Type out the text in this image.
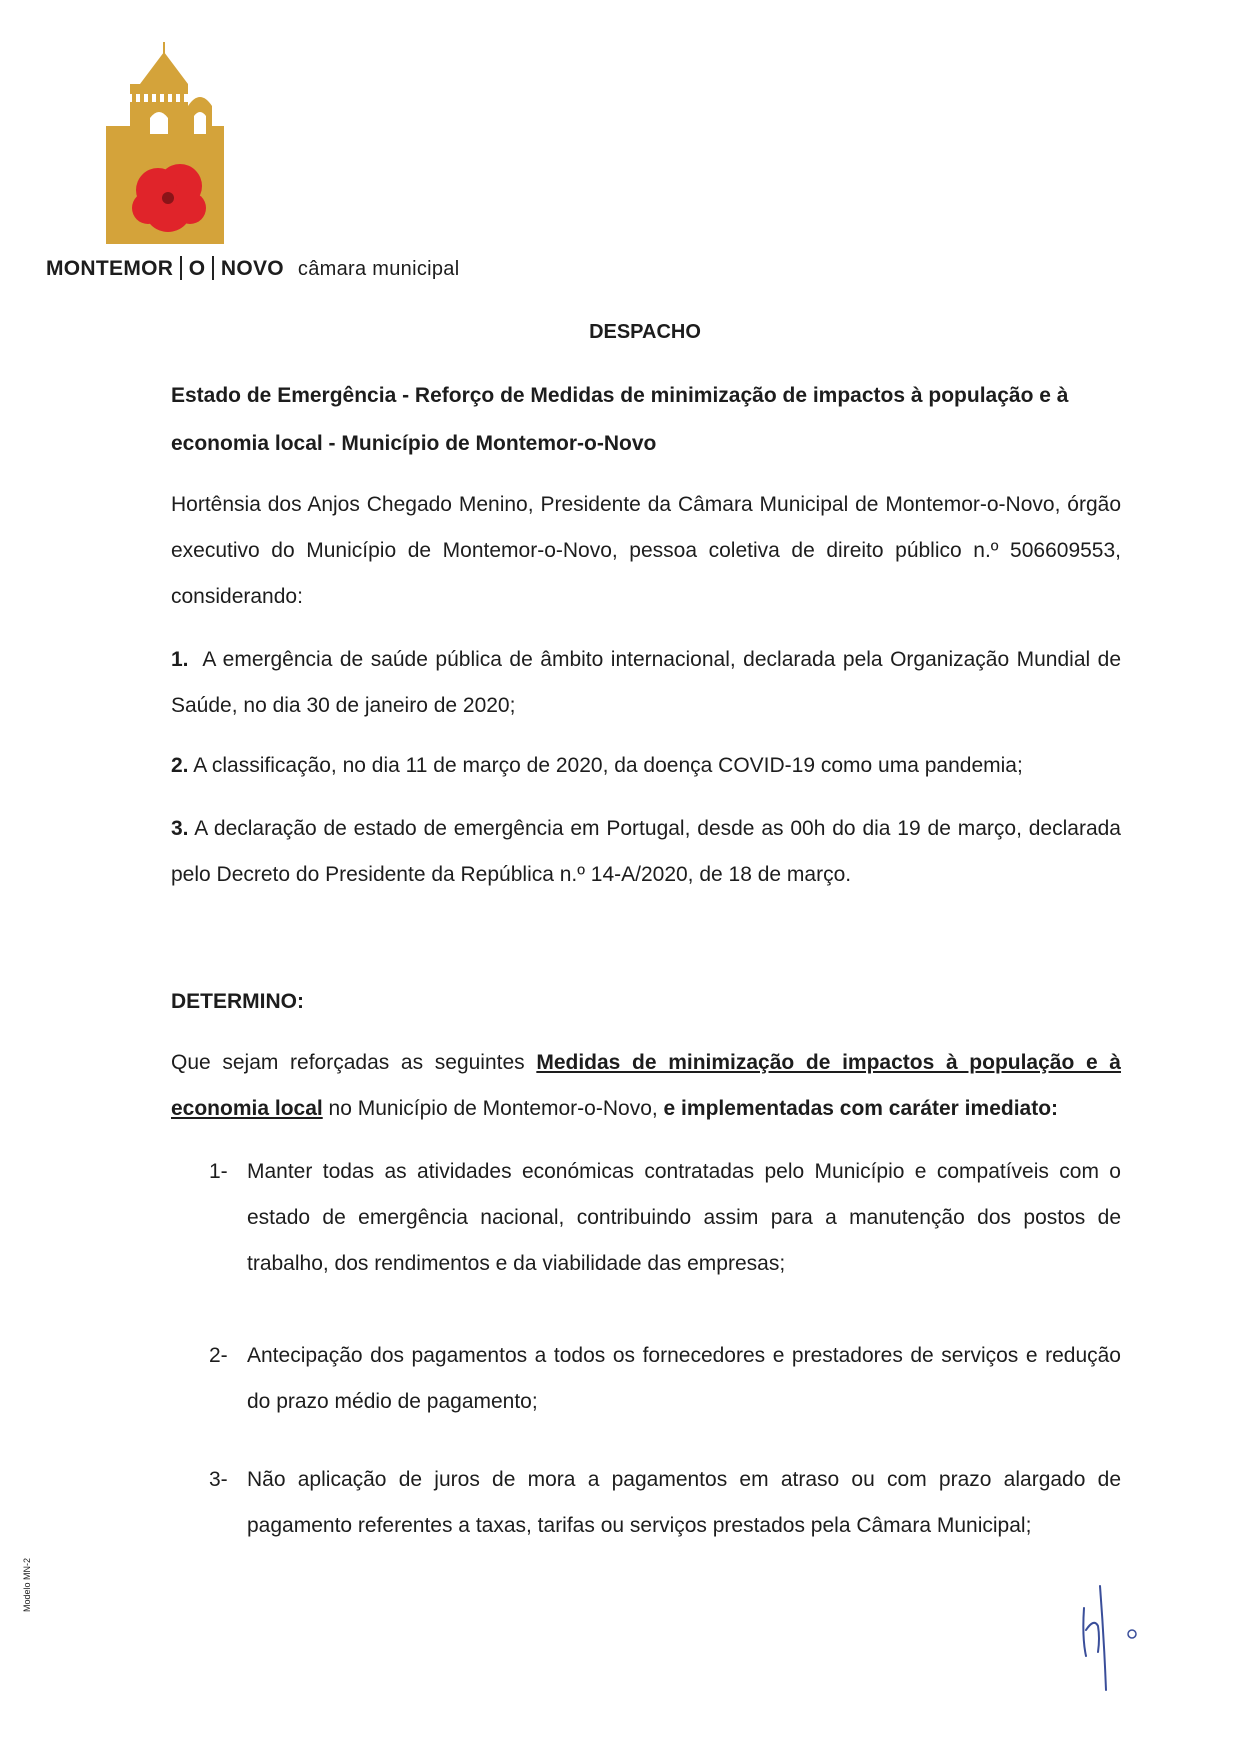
MONTEMOR O NOVO câmara municipal
DESPACHO

Estado de Emergência - Reforço de Medidas de minimização de impactos à população e à

economia local - Município de Montemor-o-Novo

Hortênsia dos Anjos Chegado Menino, Presidente da Câmara Municipal de Montemor-o-Novo, órgão executivo do Município de Montemor-o-Novo, pessoa coletiva de direito público n.º 506609553, considerando:
1. A emergência de saúde pública de âmbito internacional, declarada pela Organização Mundial de Saúde, no dia 30 de janeiro de 2020;
2. A classificação, no dia 11 de março de 2020, da doença COVID-19 como uma pandemia;
3. A declaração de estado de emergência em Portugal, desde as 00h do dia 19 de março, declarada pelo Decreto do Presidente da República n.º 14-A/2020, de 18 de março.
DETERMINO:
Que sejam reforçadas as seguintes Medidas de minimização de impactos à população e à economia local no Município de Montemor-o-Novo, e implementadas com caráter imediato:
1- Manter todas as atividades económicas contratadas pelo Município e compatíveis com o estado de emergência nacional, contribuindo assim para a manutenção dos postos de trabalho, dos rendimentos e da viabilidade das empresas;
2- Antecipação dos pagamentos a todos os fornecedores e prestadores de serviços e redução do prazo médio de pagamento;
3- Não aplicação de juros de mora a pagamentos em atraso ou com prazo alargado de pagamento referentes a taxas, tarifas ou serviços prestados pela Câmara Municipal;
Modelo MN-2
